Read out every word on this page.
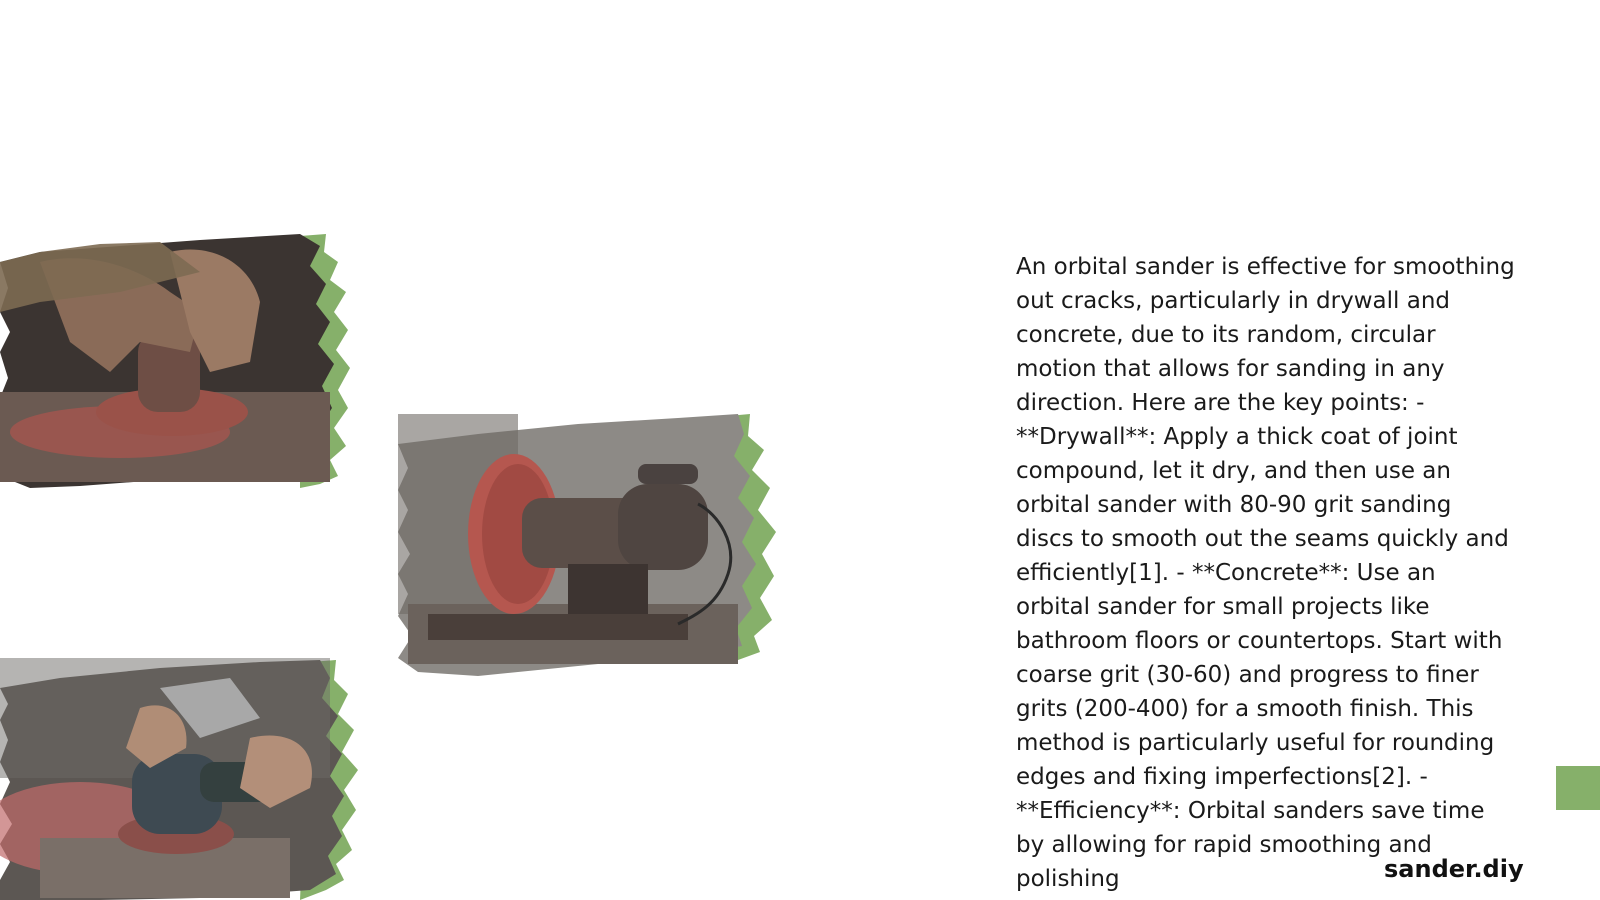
An orbital sander is effective for smoothing out cracks, particularly in drywall and concrete, due to its random, circular motion that allows for sanding in any direction. Here are the key points: - **Drywall**: Apply a thick coat of joint compound, let it dry, and then use an orbital sander with 80-90 grit sanding discs to smooth out the seams quickly and efficiently[1]. - **Concrete**: Use an orbital sander for small projects like bathroom floors or countertops. Start with coarse grit (30-60) and progress to finer grits (200-400) for a smooth finish. This method is particularly useful for rounding edges and fixing imperfections[2]. - **Efficiency**: Orbital sanders save time by allowing for rapid smoothing and polishing	sander.diy
